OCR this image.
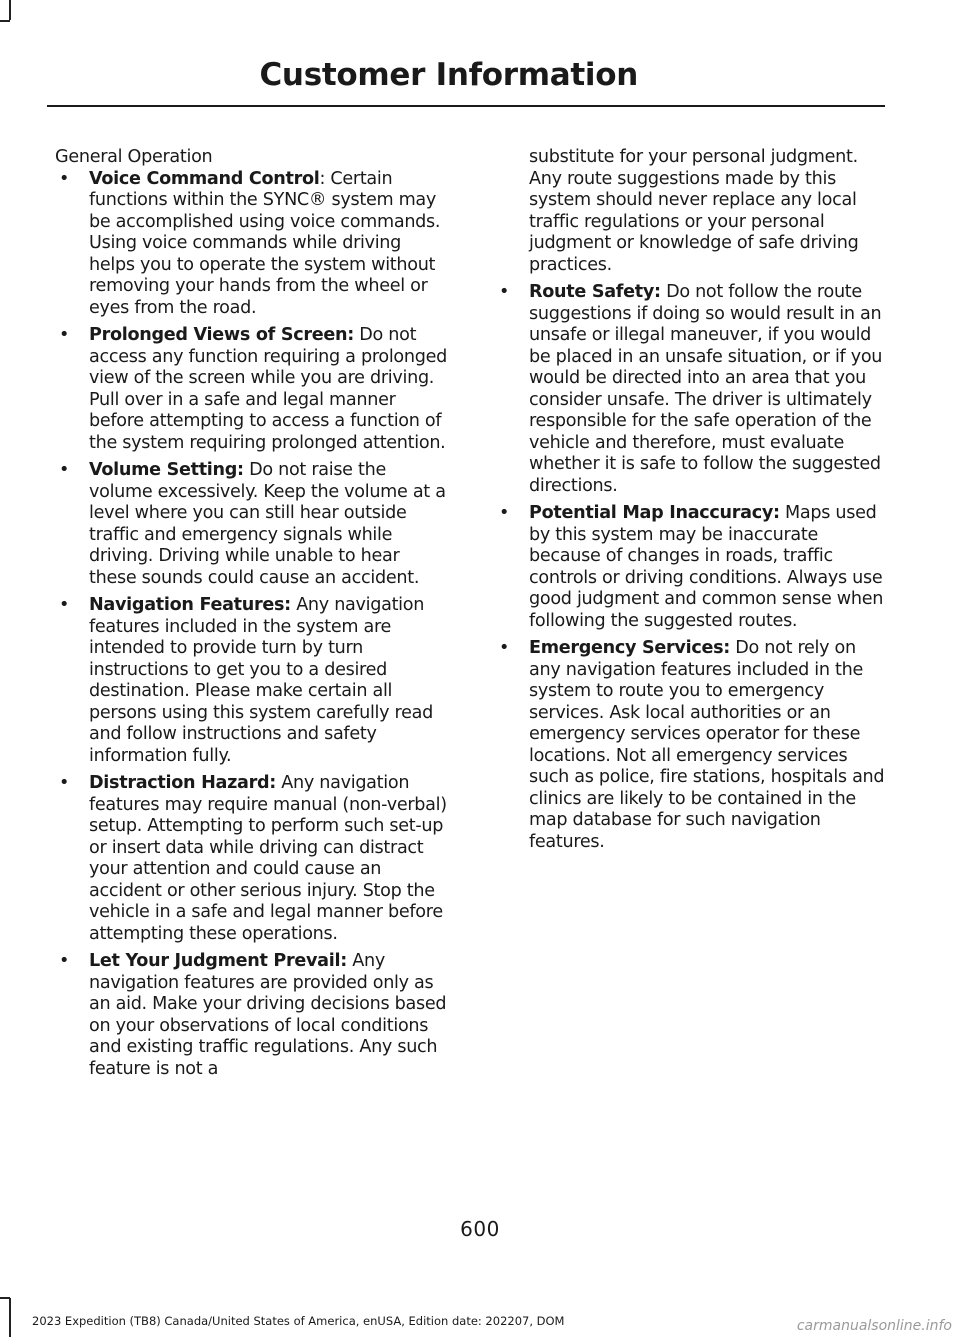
Customer Information

General Operation

• Voice Command Control: Certain functions within the SYNC® system may be accomplished using voice commands. Using voice commands while driving helps you to operate the system without removing your hands from the wheel or eyes from the road.
• Prolonged Views of Screen: Do not access any function requiring a prolonged view of the screen while you are driving. Pull over in a safe and legal manner before attempting to access a function of the system requiring prolonged attention.
• Volume Setting: Do not raise the volume excessively. Keep the volume at a level where you can still hear outside traffic and emergency signals while driving. Driving while unable to hear these sounds could cause an accident.
• Navigation Features: Any navigation features included in the system are intended to provide turn by turn instructions to get you to a desired destination. Please make certain all persons using this system carefully read and follow instructions and safety information fully.
• Distraction Hazard: Any navigation features may require manual (non-verbal) setup. Attempting to perform such set-up or insert data while driving can distract your attention and could cause an accident or other serious injury. Stop the vehicle in a safe and legal manner before attempting these operations.
• Let Your Judgment Prevail: Any navigation features are provided only as an aid. Make your driving decisions based on your observations of local conditions and existing traffic regulations. Any such feature is not a
substitute for your personal judgment. Any route suggestions made by this system should never replace any local traffic regulations or your personal judgment or knowledge of safe driving practices.
• Route Safety: Do not follow the route suggestions if doing so would result in an unsafe or illegal maneuver, if you would be placed in an unsafe situation, or if you would be directed into an area that you consider unsafe. The driver is ultimately responsible for the safe operation of the vehicle and therefore, must evaluate whether it is safe to follow the suggested directions.
• Potential Map Inaccuracy: Maps used by this system may be inaccurate because of changes in roads, traffic controls or driving conditions. Always use good judgment and common sense when following the suggested routes.
• Emergency Services: Do not rely on any navigation features included in the system to route you to emergency services. Ask local authorities or an emergency services operator for these locations. Not all emergency services such as police, fire stations, hospitals and clinics are likely to be contained in the map database for such navigation features.
600
2023 Expedition (TB8) Canada/United States of America, enUSA, Edition date: 202207, DOM	carmanualsonline.info
